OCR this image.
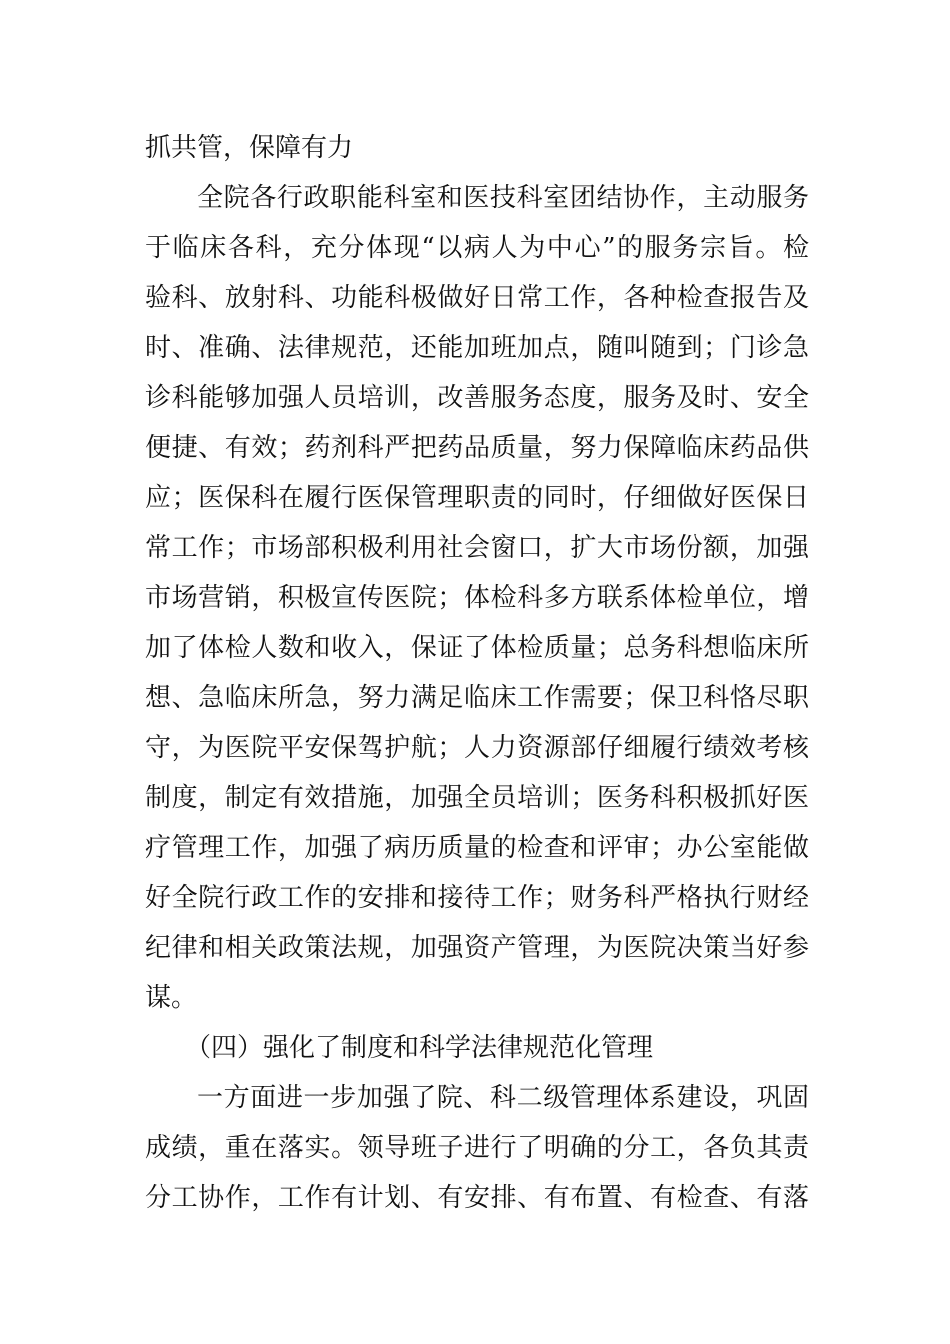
抓共管，保障有力
全院各行政职能科室和医技科室团结协作，主动服务
于临床各科，充分体现“以病人为中心”的服务宗旨。检
验科、放射科、功能科极做好日常工作，各种检查报告及
时、准确、法律规范，还能加班加点，随叫随到；门诊急
诊科能够加强人员培训，改善服务态度，服务及时、安全
便捷、有效；药剂科严把药品质量，努力保障临床药品供
应；医保科在履行医保管理职责的同时，仔细做好医保日
常工作；市场部积极利用社会窗口，扩大市场份额，加强
市场营销，积极宣传医院；体检科多方联系体检单位，增
加了体检人数和收入，保证了体检质量；总务科想临床所
想、急临床所急，努力满足临床工作需要；保卫科恪尽职
守，为医院平安保驾护航；人力资源部仔细履行绩效考核
制度，制定有效措施，加强全员培训；医务科积极抓好医
疗管理工作，加强了病历质量的检查和评审；办公室能做
好全院行政工作的安排和接待工作；财务科严格执行财经
纪律和相关政策法规，加强资产管理，为医院决策当好参
谋。
（四）强化了制度和科学法律规范化管理
一方面进一步加强了院、科二级管理体系建设，巩固
成绩，重在落实。领导班子进行了明确的分工，各负其责
分工协作，工作有计划、有安排、有布置、有检查、有落
